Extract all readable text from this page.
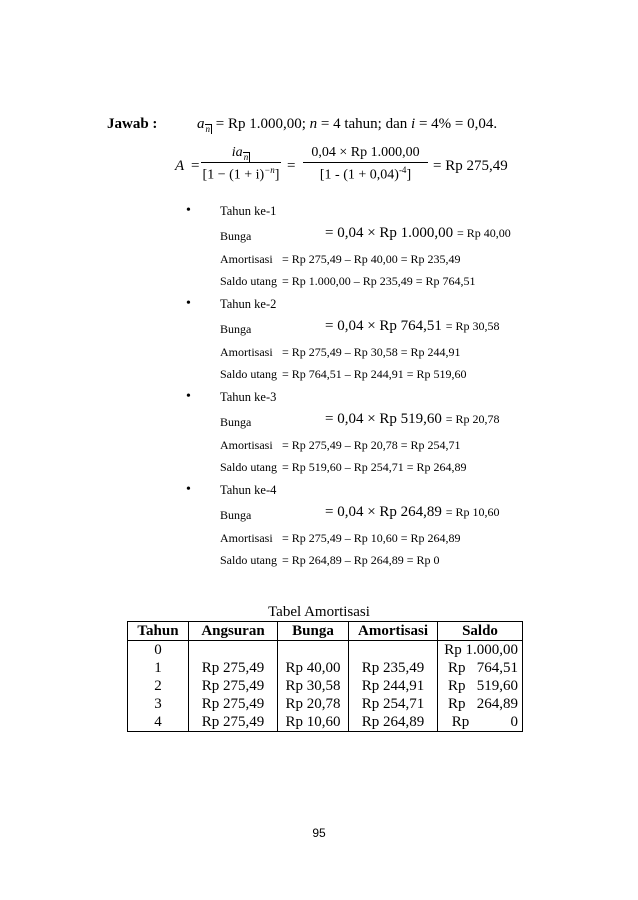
Jawab :	$a_n = Rp$ 1.000,00; n = 4 tahun; dan i = 4% = 0,04.
A =
$ia_n$
$[1 - (1 + i)^{-n}]$
= $\frac{0,04 \times Rp 1.000,00}{[1 - (1 + 0,04)^{-4}]} = Rp$ 275,49
• Tahun ke-1
Bunga	= 0,04 × Rp 1.000,00 = Rp 40,00
Amortisasi = Rp 275,49 – Rp 40,00 = Rp 235,49
Saldo utang = Rp 1.000,00 – Rp 235,49 = Rp 764,51
• Tahun ke-2
Bunga	= 0,04 × Rp 764,51 = Rp 30,58
Amortisasi = Rp 275,49 – Rp 30,58 = Rp 244,91
Saldo utang = Rp 764,51 – Rp 244,91 = Rp 519,60
• Tahun ke-3
Bunga	= 0,04 × Rp 519,60 = Rp 20,78
Amortisasi = Rp 275,49 – Rp 20,78 = Rp 254,71
Saldo utang = Rp 519,60 – Rp 254,71 = Rp 264,89
• Tahun ke-4
Bunga	= 0,04 × Rp 264,89 = Rp 10,60
Amortisasi = Rp 275,49 – Rp 10,60 = Rp 264,89
Saldo utang = Rp 264,89 – Rp 264,89 = Rp 0
Tabel Amortisasi
Tahun	Angsuran	Bunga	Amortisasi	Saldo
0				Rp 1.000,00
1	Rp 275,49	Rp 40,00	Rp 235,49	Rp   764,51
2	Rp 275,49	Rp 30,58	Rp 244,91	Rp   519,60
3	Rp 275,49	Rp 20,78	Rp 254,71	Rp   264,89
4	Rp 275,49	Rp 10,60	Rp 264,89	Rp           0
95
